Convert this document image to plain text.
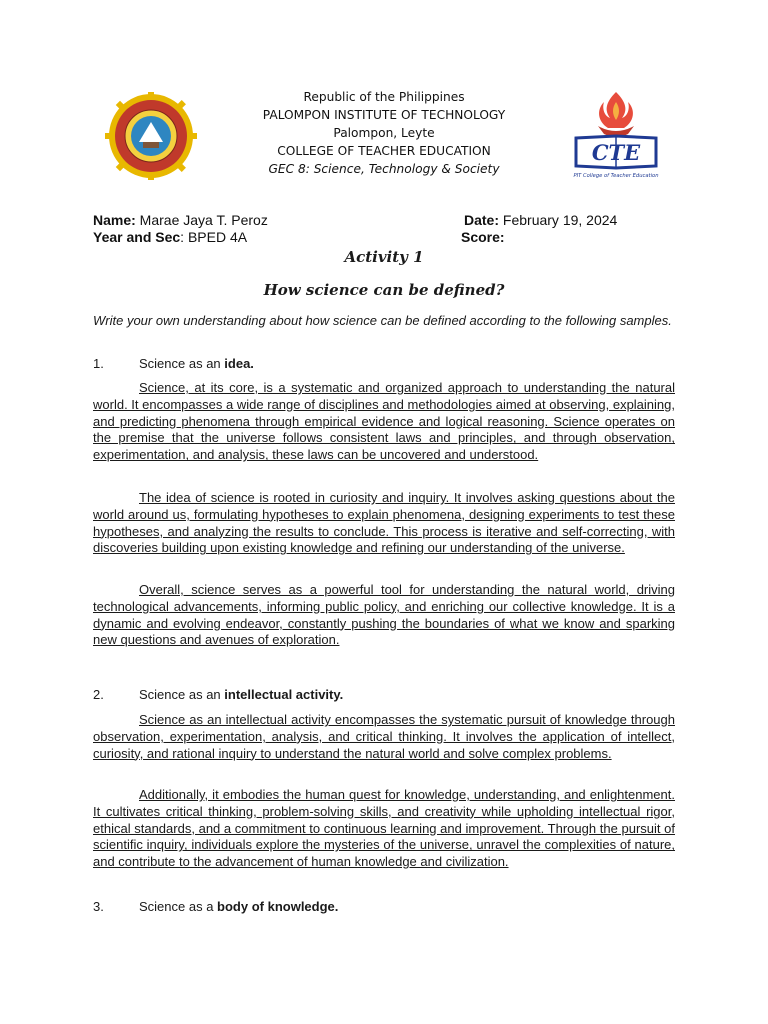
Republic of the Philippines
PALOMPON INSTITUTE OF TECHNOLOGY
Palompon, Leyte
COLLEGE OF TEACHER EDUCATION
GEC 8: Science, Technology & Society
CTE
PIT College of Teacher Education
Name: Marae Jaya T. Peroz	Date: February 19, 2024
Year and Sec: BPED 4A	Score:
Activity 1
How science can be defined?
Write your own understanding about how science can be defined according to the following samples.
1.	Science as an idea.
Science, at its core, is a systematic and organized approach to understanding the natural world. It encompasses a wide range of disciplines and methodologies aimed at observing, explaining, and predicting phenomena through empirical evidence and logical reasoning. Science operates on the premise that the universe follows consistent laws and principles, and through observation, experimentation, and analysis, these laws can be uncovered and understood.
The idea of science is rooted in curiosity and inquiry. It involves asking questions about the world around us, formulating hypotheses to explain phenomena, designing experiments to test these hypotheses, and analyzing the results to conclude. This process is iterative and self-correcting, with discoveries building upon existing knowledge and refining our understanding of the universe.
Overall, science serves as a powerful tool for understanding the natural world, driving technological advancements, informing public policy, and enriching our collective knowledge. It is a dynamic and evolving endeavor, constantly pushing the boundaries of what we know and sparking new questions and avenues of exploration.
2.	Science as an intellectual activity.
Science as an intellectual activity encompasses the systematic pursuit of knowledge through observation, experimentation, analysis, and critical thinking. It involves the application of intellect, curiosity, and rational inquiry to understand the natural world and solve complex problems.
Additionally, it embodies the human quest for knowledge, understanding, and enlightenment. It cultivates critical thinking, problem-solving skills, and creativity while upholding intellectual rigor, ethical standards, and a commitment to continuous learning and improvement. Through the pursuit of scientific inquiry, individuals explore the mysteries of the universe, unravel the complexities of nature, and contribute to the advancement of human knowledge and civilization.
3.	Science as a body of knowledge.
